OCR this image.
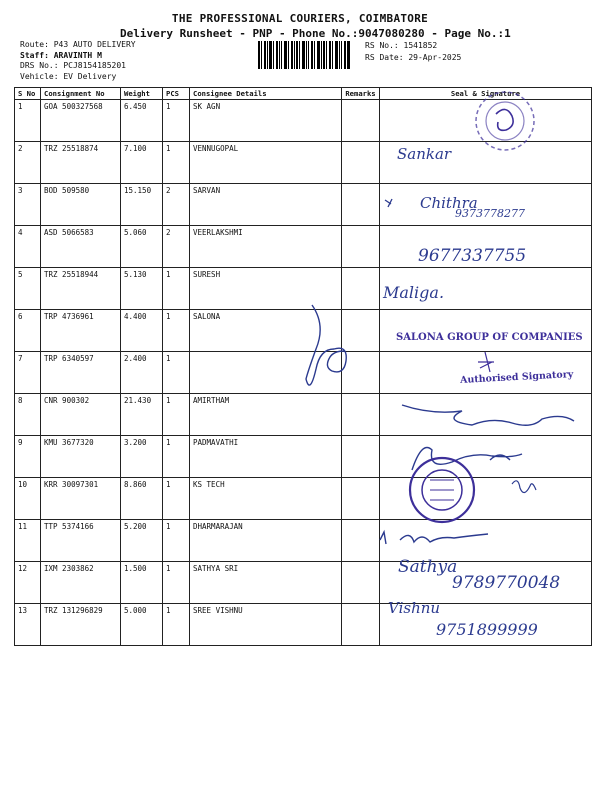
THE PROFESSIONAL COURIERS, COIMBATORE
Delivery Runsheet - PNP - Phone No.:9047080280 - Page No.:1
Route: P43 AUTO DELIVERY
Staff: ARAVINTH M
DRS No.: PCJ8154185201
Vehicle: EV Delivery
RS No.: 1541852
RS Date: 29-Apr-2025
S No	Consignment No	Weight	PCS	Consignee Details	Remarks	Seal & Signature
1	GOA 500327568	6.450	1	SK AGN		
2	TRZ 25518874	7.100	1	VENNUGOPAL		
3	BOD 509580	15.150	2	SARVAN		
4	ASD 5066583	5.060	2	VEERLAKSHMI		
5	TRZ 25518944	5.130	1	SURESH		
6	TRP 4736961	4.400	1	SALONA		
7	TRP 6340597	2.400	1			
8	CNR 900302	21.430	1	AMIRTHAM		
9	KMU 3677320	3.200	1	PADMAVATHI		
10	KRR 30097301	8.860	1	KS TECH		
11	TTP 5374166	5.200	1	DHARMARAJAN		
12	IXM 2303862	1.500	1	SATHYA SRI		
13	TRZ 131296829	5.000	1	SREE VISHNU		
Sankar
Chithra
9373778277
9677337755
Maliga.
SALONA GROUP OF COMPANIES
Authorised Signatory
Sathya
9789770048
Vishnu
9751899999
